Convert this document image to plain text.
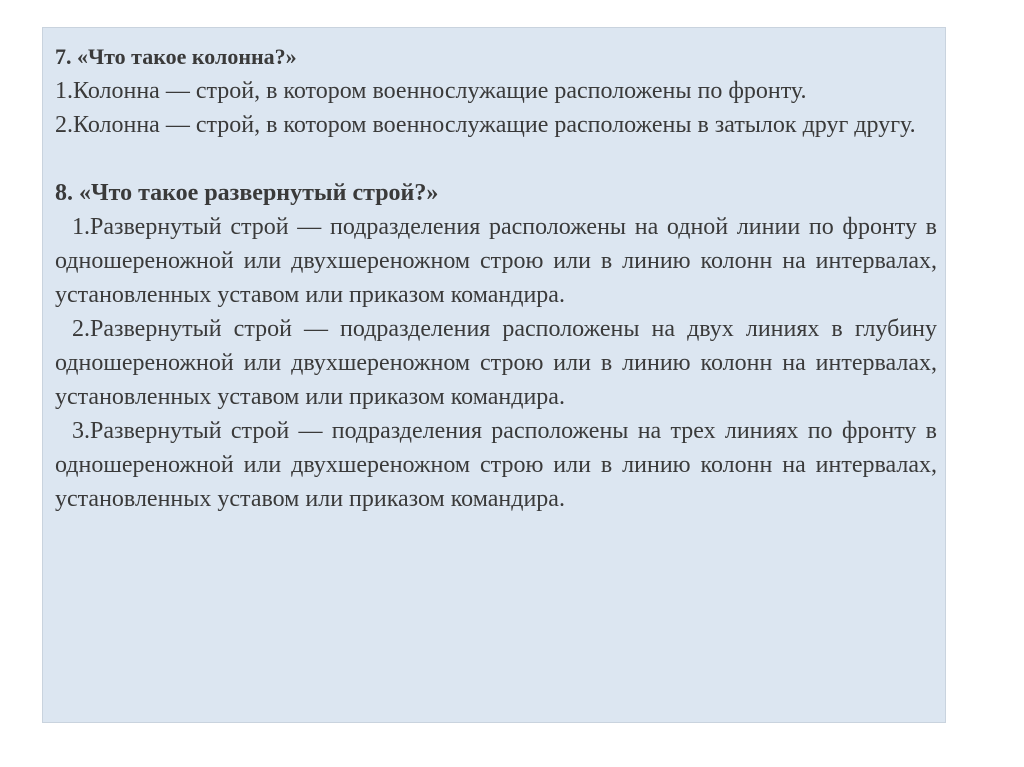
7. «Что такое колонна?»
1.Колонна — строй, в котором военнослужащие расположены по фронту.
2.Колонна — строй, в котором военнослужащие расположены в затылок друг другу.
8. «Что такое развернутый строй?»
1.Развернутый строй — подразделения расположены на одной линии по фронту в одношереножной или двухшереножном строю или в линию колонн на интервалах, установленных уставом или приказом командира.
2.Развернутый строй — подразделения расположены на двух линиях в глубину одношереножной или двухшереножном строю или в линию колонн на интервалах, установленных уставом или приказом командира.
3.Развернутый строй — подразделения расположены на трех линиях по фронту в одношереножной или двухшереножном строю или в линию колонн на интервалах, установленных уставом или приказом командира.
